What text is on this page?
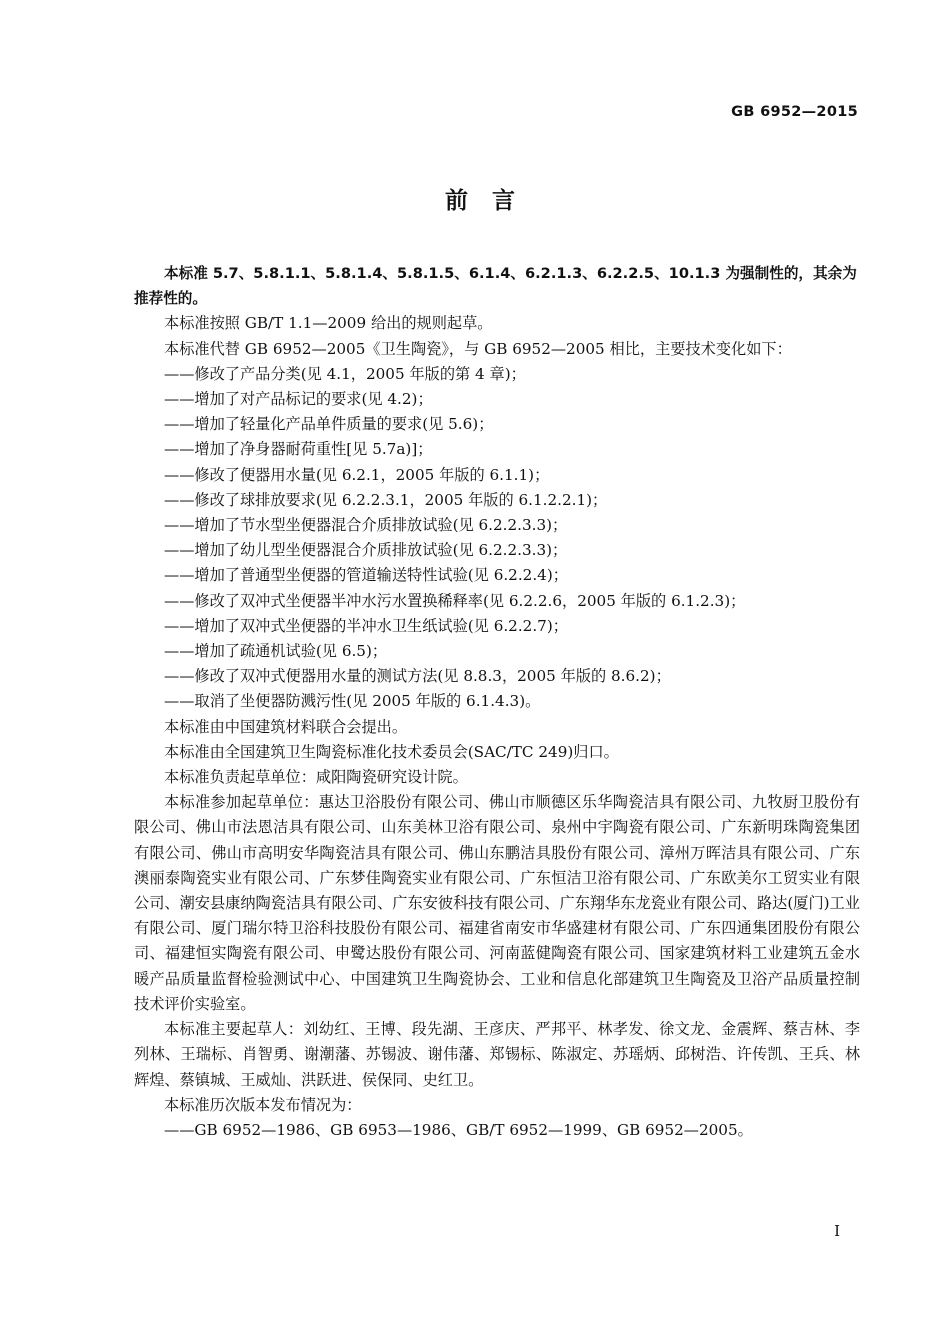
GB 6952—2015
前言

本标准 5.7、5.8.1.1、5.8.1.4、5.8.1.5、6.1.4、6.2.1.3、6.2.2.5、10.1.3 为强制性的，其余为推荐性的。

本标准按照 GB/T 1.1—2009 给出的规则起草。

本标准代替 GB 6952—2005《卫生陶瓷》，与 GB 6952—2005 相比，主要技术变化如下：

——修改了产品分类(见 4.1，2005 年版的第 4 章)；

——增加了对产品标记的要求(见 4.2)；

——增加了轻量化产品单件质量的要求(见 5.6)；

——增加了净身器耐荷重性[见 5.7a)]；

——修改了便器用水量(见 6.2.1，2005 年版的 6.1.1)；

——修改了球排放要求(见 6.2.2.3.1，2005 年版的 6.1.2.2.1)；

——增加了节水型坐便器混合介质排放试验(见 6.2.2.3.3)；

——增加了幼儿型坐便器混合介质排放试验(见 6.2.2.3.3)；

——增加了普通型坐便器的管道输送特性试验(见 6.2.2.4)；

——修改了双冲式坐便器半冲水污水置换稀释率(见 6.2.2.6，2005 年版的 6.1.2.3)；

——增加了双冲式坐便器的半冲水卫生纸试验(见 6.2.2.7)；

——增加了疏通机试验(见 6.5)；

——修改了双冲式便器用水量的测试方法(见 8.8.3，2005 年版的 8.6.2)；

——取消了坐便器防溅污性(见 2005 年版的 6.1.4.3)。

本标准由中国建筑材料联合会提出。

本标准由全国建筑卫生陶瓷标准化技术委员会(SAC/TC 249)归口。

本标准负责起草单位：咸阳陶瓷研究设计院。

本标准参加起草单位：惠达卫浴股份有限公司、佛山市顺德区乐华陶瓷洁具有限公司、九牧厨卫股份有限公司、佛山市法恩洁具有限公司、山东美林卫浴有限公司、泉州中宇陶瓷有限公司、广东新明珠陶瓷集团有限公司、佛山市高明安华陶瓷洁具有限公司、佛山东鹏洁具股份有限公司、漳州万晖洁具有限公司、广东澳丽泰陶瓷实业有限公司、广东梦佳陶瓷实业有限公司、广东恒洁卫浴有限公司、广东欧美尔工贸实业有限公司、潮安县康纳陶瓷洁具有限公司、广东安彼科技有限公司、广东翔华东龙瓷业有限公司、路达(厦门)工业有限公司、厦门瑞尔特卫浴科技股份有限公司、福建省南安市华盛建材有限公司、广东四通集团股份有限公司、福建恒实陶瓷有限公司、申鹭达股份有限公司、河南蓝健陶瓷有限公司、国家建筑材料工业建筑五金水暖产品质量监督检验测试中心、中国建筑卫生陶瓷协会、工业和信息化部建筑卫生陶瓷及卫浴产品质量控制技术评价实验室。

本标准主要起草人：刘幼红、王博、段先湖、王彦庆、严邦平、林孝发、徐文龙、金震辉、蔡吉林、李列林、王瑞标、肖智勇、谢潮藩、苏锡波、谢伟藩、郑锡标、陈淑定、苏瑶炳、邱树浩、许传凯、王兵、林辉煌、蔡镇城、王威灿、洪跃进、侯保同、史红卫。

本标准历次版本发布情况为：

——GB 6952—1986、GB 6953—1986、GB/T 6952—1999、GB 6952—2005。

I
